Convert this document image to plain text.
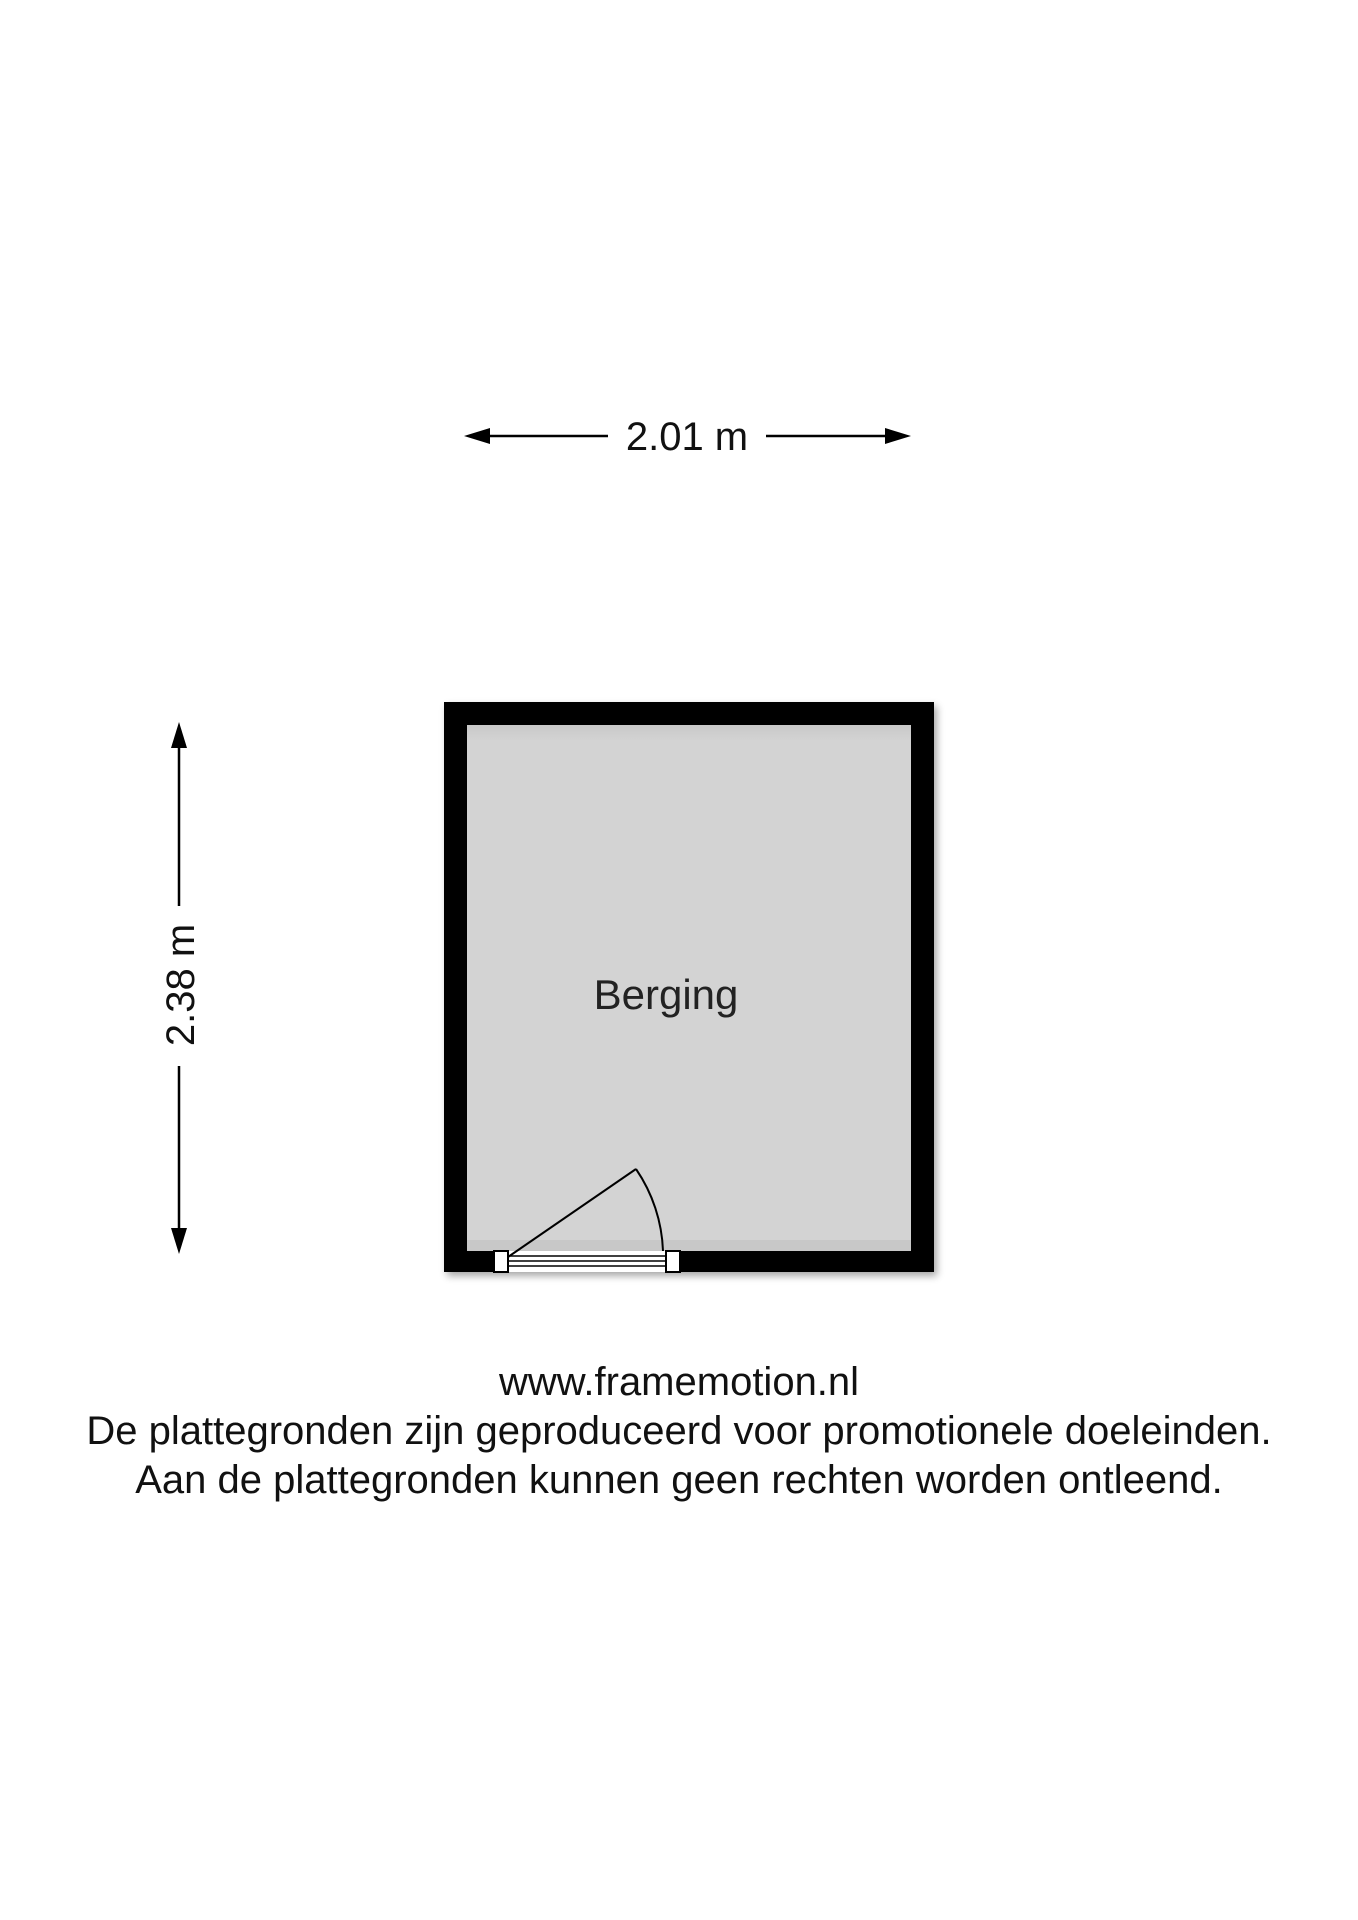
2.01 m
2.38 m	Berging
www.framemotion.nl
De plattegronden zijn geproduceerd voor promotionele doeleinden.
Aan de plattegronden kunnen geen rechten worden ontleend.
